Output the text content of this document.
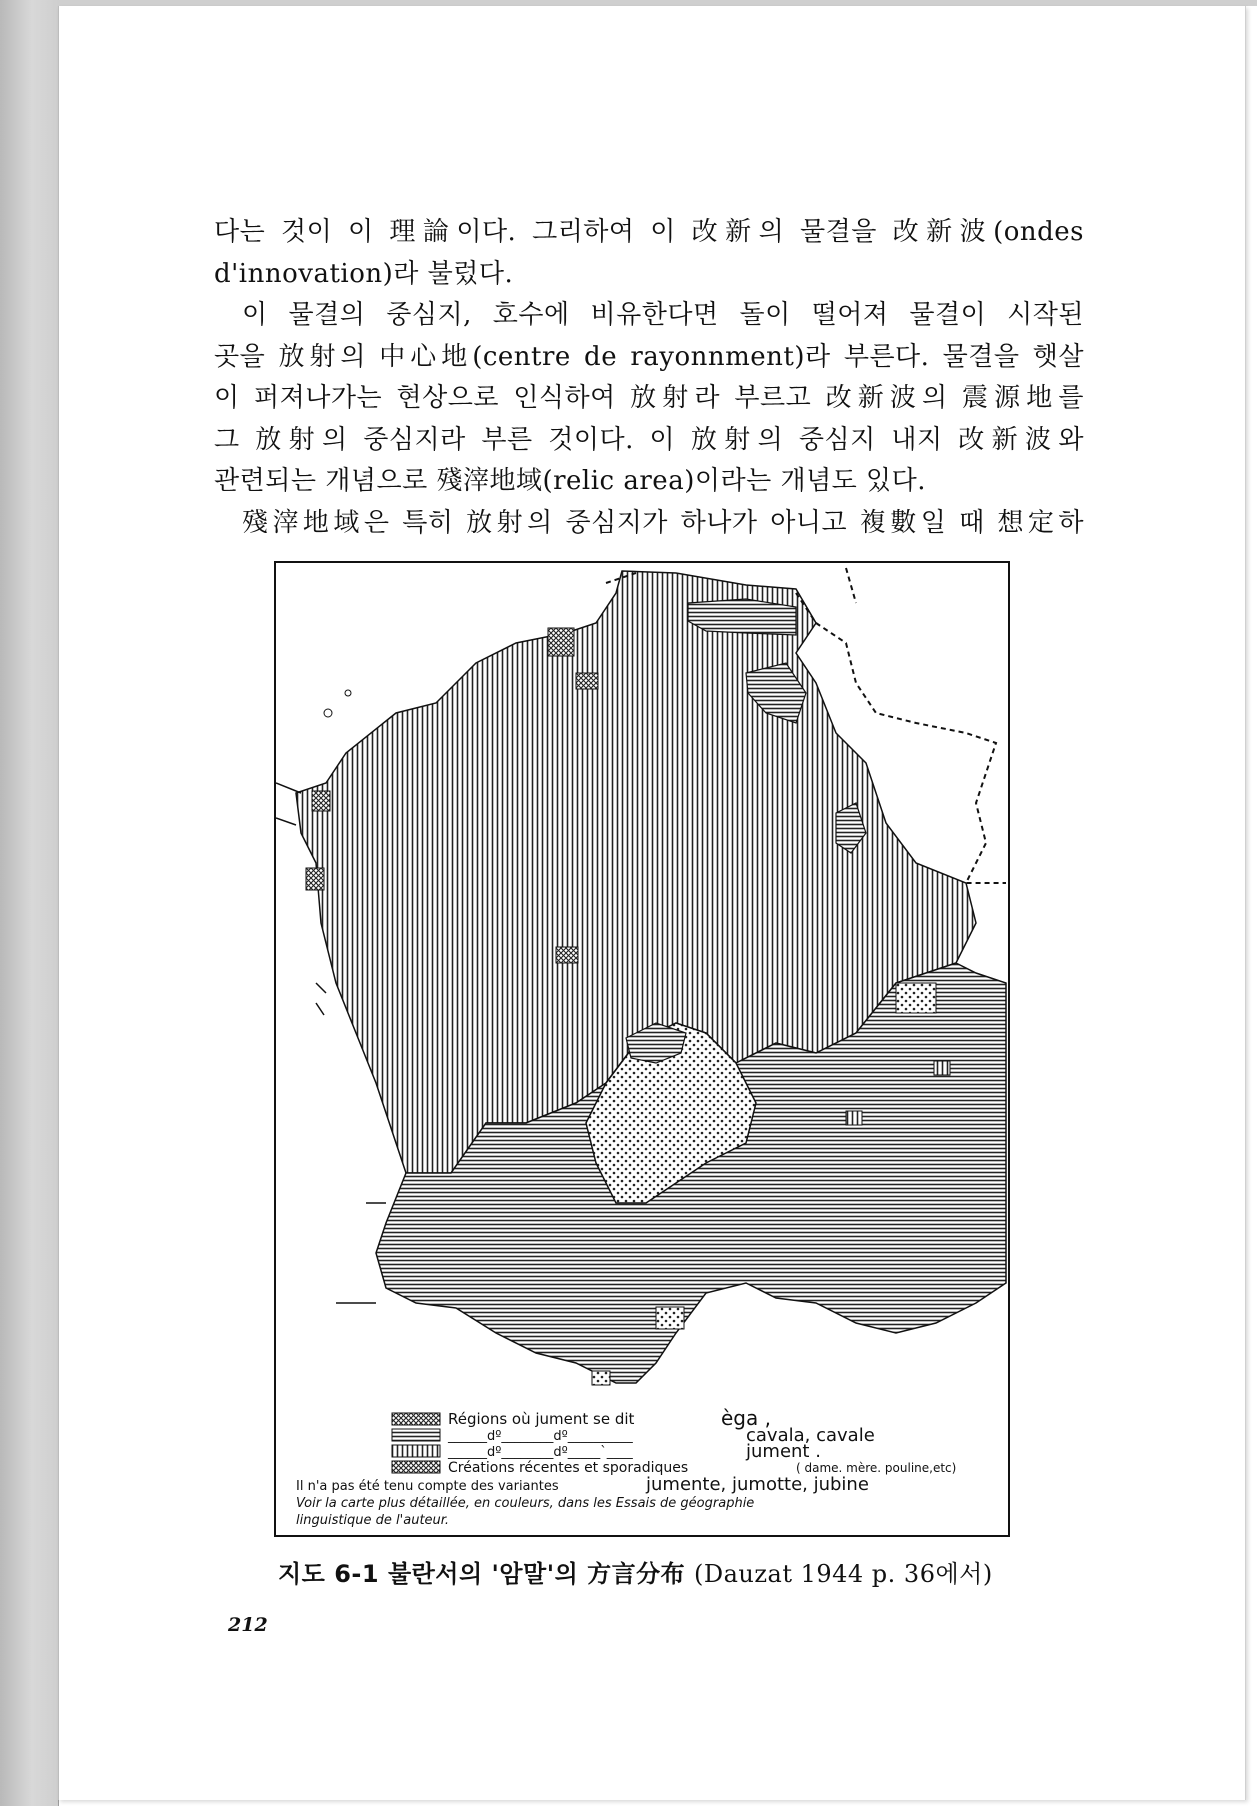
다는 것이 이 理論이다. 그리하여 이 改新의 물결을 改新波(ondes

d'innovation)라 불렀다.

이 물결의 중심지, 호수에 비유한다면 돌이 떨어져 물결이 시작된

곳을 放射의 中心地(centre de rayonnment)라 부른다. 물결을 햇살

이 퍼져나가는 현상으로 인식하여 放射라 부르고 改新波의 震源地를

그 放射의 중심지라 부른 것이다. 이 放射의 중심지 내지 改新波와

관련되는 개념으로 殘滓地域(relic area)이라는 개념도 있다.

殘滓地域은 특히 放射의 중심지가 하나가 아니고 複數일 때 想定하

Régions où jument se dit	èga ,
______dº________dº__________	cavala, cavale
______dº________dº_____`____	jument .
Créations récentes et sporadiques	( dame. mère. pouline,etc)
Il n'a pas été tenu compte des variantes	jumente, jumotte, jubine
Voir la carte plus détaillée, en couleurs, dans les Essais de géographie
linguistique de l'auteur.
지도 6-1 불란서의 '암말'의 方言分布 (Dauzat 1944 p. 36에서)
212
